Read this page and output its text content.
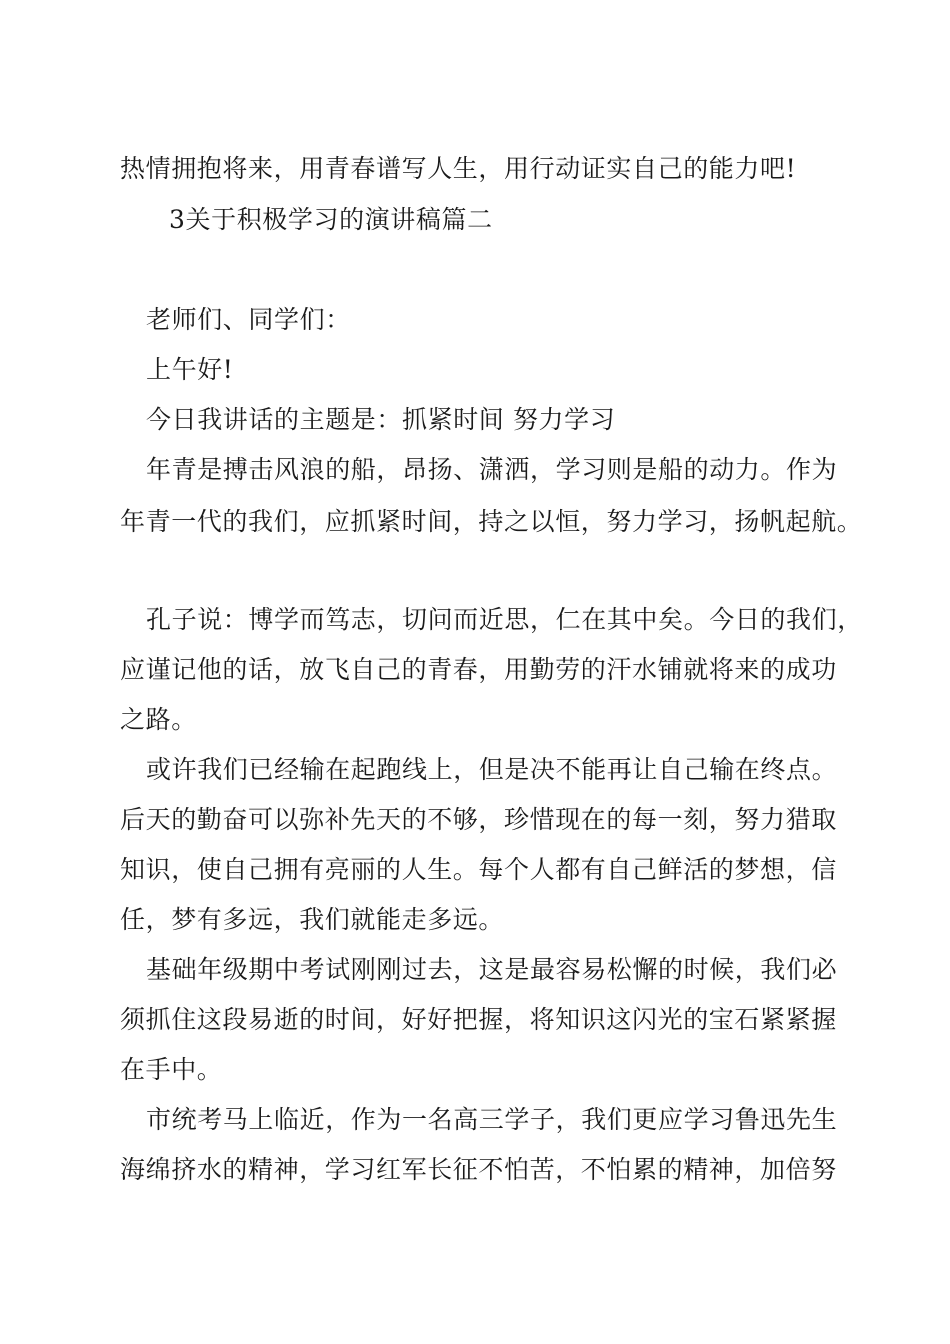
热情拥抱将来，用青春谱写人生，用行动证实自己的能力吧!
3关于积极学习的演讲稿篇二
老师们、同学们：
上午好!
今日我讲话的主题是：抓紧时间 努力学习
年青是搏击风浪的船，昂扬、潇洒，学习则是船的动力。作为
年青一代的我们，应抓紧时间，持之以恒，努力学习，扬帆起航。
孔子说：博学而笃志，切问而近思，仁在其中矣。今日的我们，
应谨记他的话，放飞自己的青春，用勤劳的汗水铺就将来的成功
之路。
或许我们已经输在起跑线上，但是决不能再让自己输在终点。
后天的勤奋可以弥补先天的不够，珍惜现在的每一刻，努力猎取
知识，使自己拥有亮丽的人生。每个人都有自己鲜活的梦想，信
任，梦有多远，我们就能走多远。
基础年级期中考试刚刚过去，这是最容易松懈的时候，我们必
须抓住这段易逝的时间，好好把握，将知识这闪光的宝石紧紧握
在手中。
市统考马上临近，作为一名高三学子，我们更应学习鲁迅先生
海绵挤水的精神，学习红军长征不怕苦，不怕累的精神，加倍努
